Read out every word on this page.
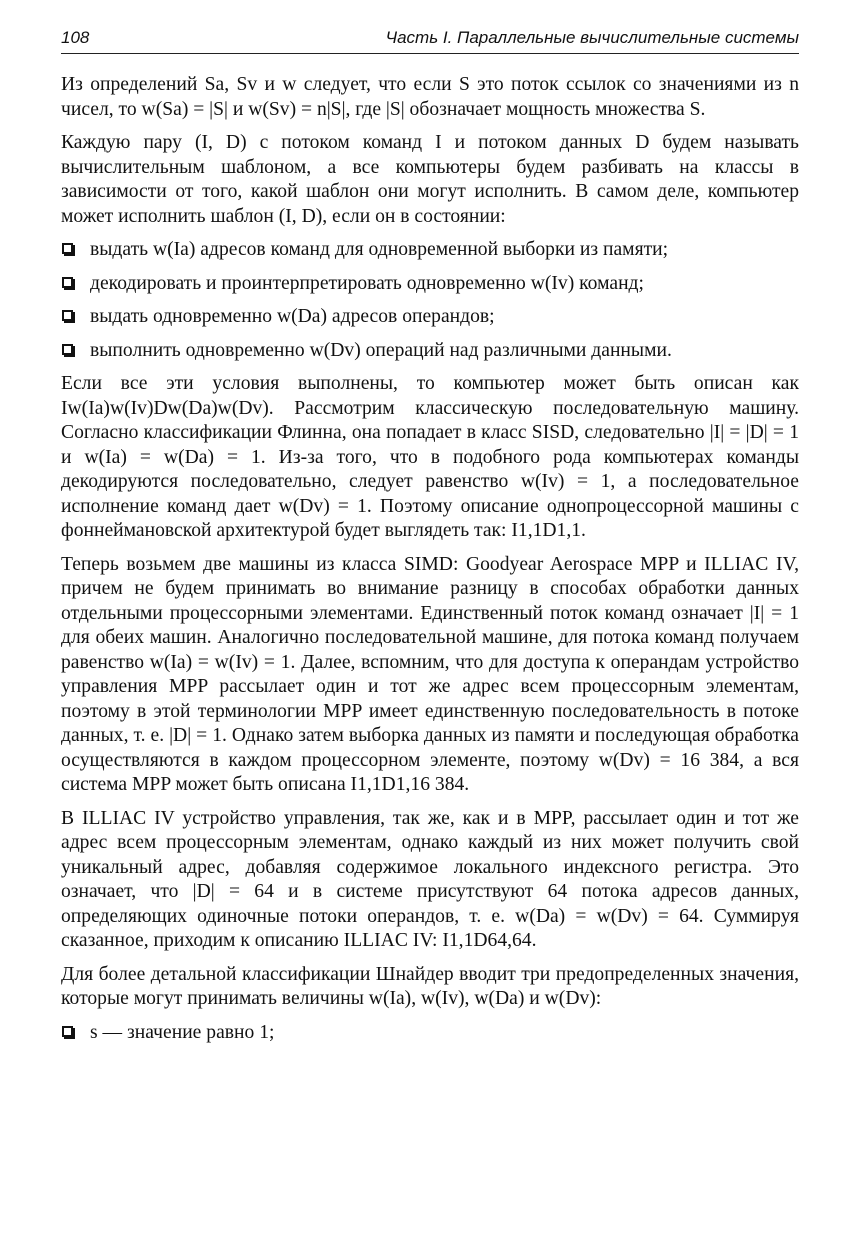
108	Часть I. Параллельные вычислительные системы

Из определений Sa, Sv и w следует, что если S это поток ссылок со значениями из n чисел, то w(Sa) = |S| и w(Sv) = n|S|, где |S| обозначает мощность множества S.

Каждую пару (I, D) с потоком команд I и потоком данных D будем называть вычислительным шаблоном, а все компьютеры будем разбивать на классы в зависимости от того, какой шаблон они могут исполнить. В самом деле, компьютер может исполнить шаблон (I, D), если он в состоянии:

выдать w(Ia) адресов команд для одновременной выборки из памяти;
декодировать и проинтерпретировать одновременно w(Iv) команд;
выдать одновременно w(Da) адресов операндов;
выполнить одновременно w(Dv) операций над различными данными.

Если все эти условия выполнены, то компьютер может быть описан как Iw(Ia)w(Iv)Dw(Da)w(Dv). Рассмотрим классическую последовательную машину. Согласно классификации Флинна, она попадает в класс SISD, следовательно |I| = |D| = 1 и w(Ia) = w(Da) = 1. Из-за того, что в подобного рода компьютерах команды декодируются последовательно, следует равенство w(Iv) = 1, а последовательное исполнение команд дает w(Dv) = 1. Поэтому описание однопроцессорной машины с фоннеймановской архитектурой будет выглядеть так: I1,1D1,1.

Теперь возьмем две машины из класса SIMD: Goodyear Aerospace MPP и ILLIAC IV, причем не будем принимать во внимание разницу в способах обработки данных отдельными процессорными элементами. Единственный поток команд означает |I| = 1 для обеих машин. Аналогично последовательной машине, для потока команд получаем равенство w(Ia) = w(Iv) = 1. Далее, вспомним, что для доступа к операндам устройство управления MPP рассылает один и тот же адрес всем процессорным элементам, поэтому в этой терминологии MPP имеет единственную последовательность в потоке данных, т. е. |D| = 1. Однако затем выборка данных из памяти и последующая обработка осуществляются в каждом процессорном элементе, поэтому w(Dv) = 16 384, а вся система MPP может быть описана I1,1D1,16 384.

В ILLIAC IV устройство управления, так же, как и в MPP, рассылает один и тот же адрес всем процессорным элементам, однако каждый из них может получить свой уникальный адрес, добавляя содержимое локального индексного регистра. Это означает, что |D| = 64 и в системе присутствуют 64 потока адресов данных, определяющих одиночные потоки операндов, т. е. w(Da) = w(Dv) = 64. Суммируя сказанное, приходим к описанию ILLIAC IV: I1,1D64,64.

Для более детальной классификации Шнайдер вводит три предопределенных значения, которые могут принимать величины w(Ia), w(Iv), w(Da) и w(Dv):

s — значение равно 1;
